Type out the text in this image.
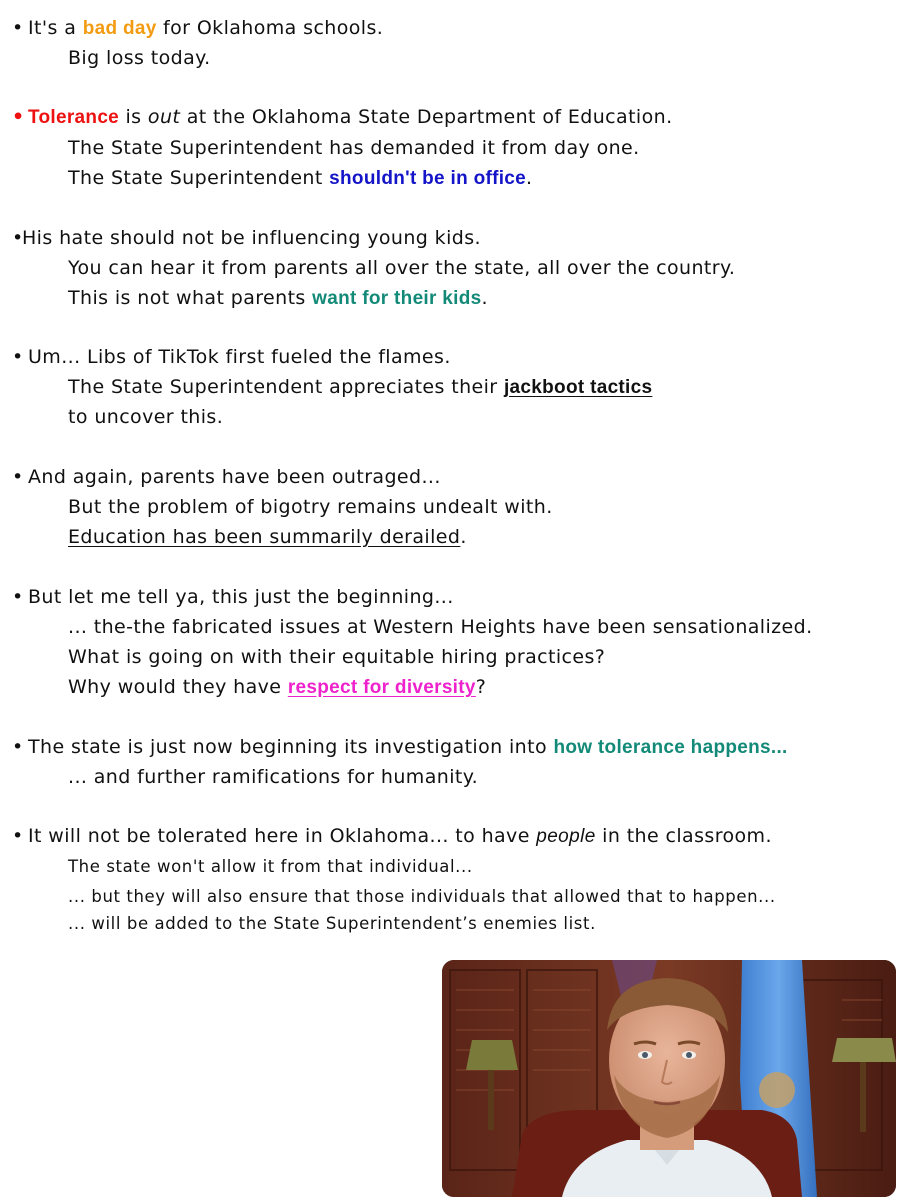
• It's a bad day for Oklahoma schools.
Big loss today.
• Tolerance is out at the Oklahoma State Department of Education.
The State Superintendent has demanded it from day one.
The State Superintendent shouldn't be in office.
•His hate should not be influencing young kids.
You can hear it from parents all over the state, all over the country.
This is not what parents want for their kids.
• Um... Libs of TikTok first fueled the flames.
The State Superintendent appreciates their jackboot tactics
to uncover this.
• And again, parents have been outraged...
But the problem of bigotry remains undealt with.
Education has been summarily derailed.
• But let me tell ya, this just the beginning...
... the-the fabricated issues at Western Heights have been sensationalized.
What is going on with their equitable hiring practices?
Why would they have respect for diversity?
• The state is just now beginning its investigation into how tolerance happens...
... and further ramifications for humanity.
• It will not be tolerated here in Oklahoma... to have people in the classroom.
The state won't allow it from that individual...
... but they will also ensure that those individuals that allowed that to happen...
... will be added to the State Superintendent’s enemies list.
